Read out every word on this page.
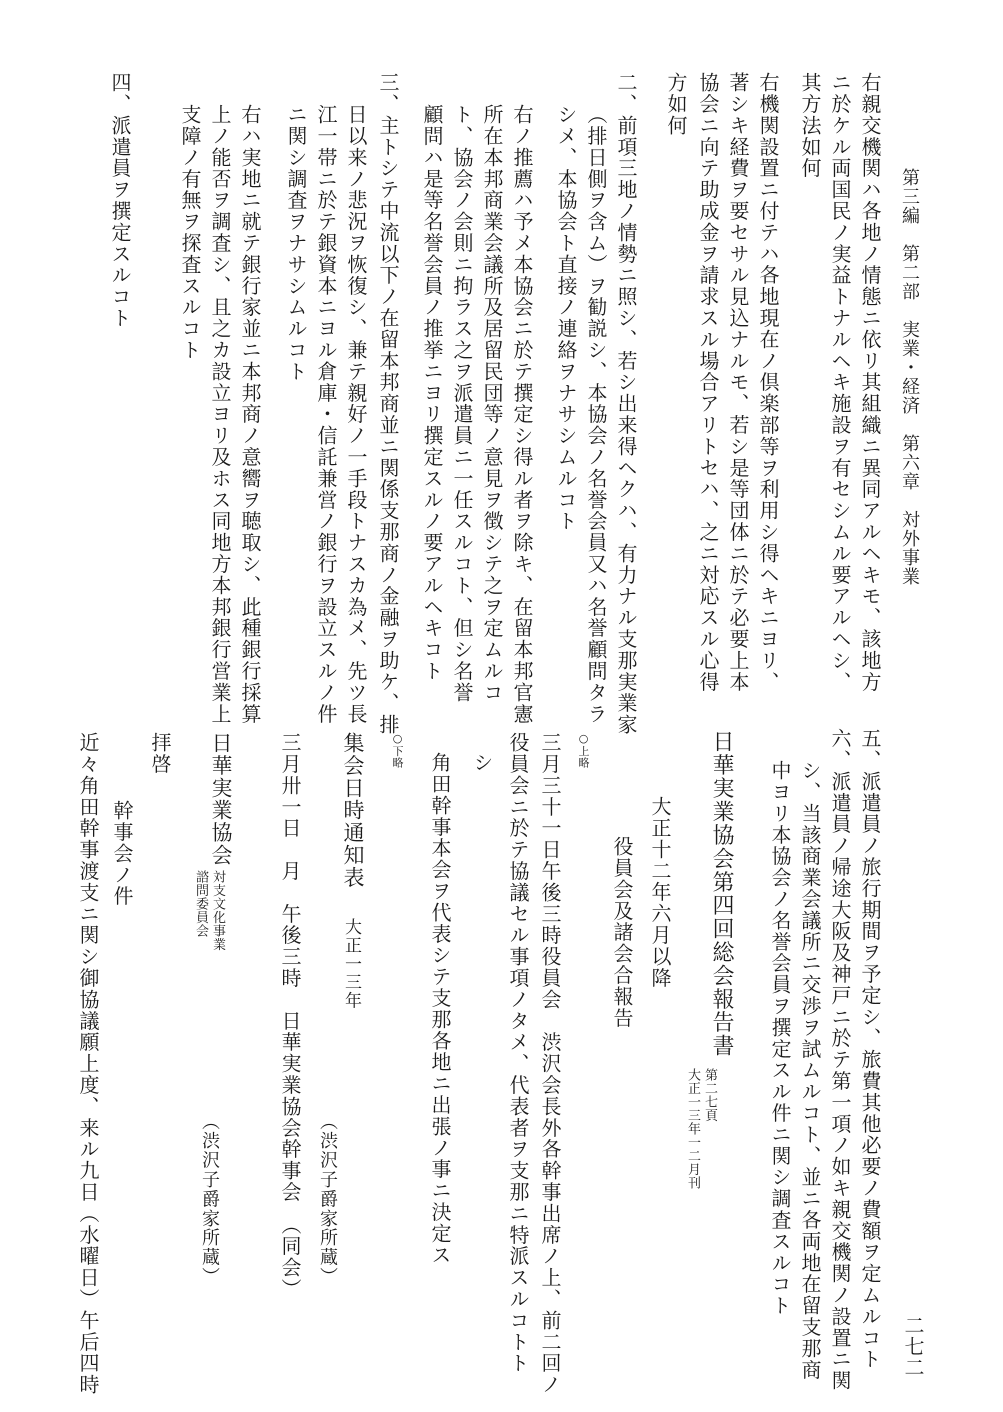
第三編　第二部　実業・経済　第六章　対外事業
二七二
右親交機関ハ各地ノ情態ニ依リ其組織ニ異同アルヘキモ、該地方
ニ於ケル両国民ノ実益トナルヘキ施設ヲ有セシムル要アルヘシ、
其方法如何
右機関設置ニ付テハ各地現在ノ倶楽部等ヲ利用シ得ヘキニヨリ、
著シキ経費ヲ要セサル見込ナルモ、若シ是等団体ニ於テ必要上本
協会ニ向テ助成金ヲ請求スル場合アリトセハ、之ニ対応スル心得
方如何
二、前項三地ノ情勢ニ照シ、若シ出来得ヘクハ、有力ナル支那実業家
（排日側ヲ含ム）ヲ勧説シ、本協会ノ名誉会員又ハ名誉顧問タラ
シメ、本協会ト直接ノ連絡ヲナサシムルコト
右ノ推薦ハ予メ本協会ニ於テ撰定シ得ル者ヲ除キ、在留本邦官憲
所在本邦商業会議所及居留民団等ノ意見ヲ徴シテ之ヲ定ムルコ
ト、協会ノ会則ニ拘ラス之ヲ派遣員ニ一任スルコト、但シ名誉
顧問ハ是等名誉会員ノ推挙ニヨリ撰定スルノ要アルヘキコト
三、主トシテ中流以下ノ在留本邦商並ニ関係支那商ノ金融ヲ助ケ、排
日以来ノ悲況ヲ恢復シ、兼テ親好ノ一手段トナスカ為メ、先ツ長
江一帯ニ於テ銀資本ニヨル倉庫・信託兼営ノ銀行ヲ設立スルノ件
ニ関シ調査ヲナサシムルコト
右ハ実地ニ就テ銀行家並ニ本邦商ノ意嚮ヲ聴取シ、此種銀行採算
上ノ能否ヲ調査シ、且之カ設立ヨリ及ホス同地方本邦銀行営業上
支障ノ有無ヲ探査スルコト
四、派遣員ヲ撰定スルコト
五、派遣員ノ旅行期間ヲ予定シ、旅費其他必要ノ費額ヲ定ムルコト
六、派遣員ノ帰途大阪及神戸ニ於テ第一項ノ如キ親交機関ノ設置ニ関
シ、当該商業会議所ニ交渉ヲ試ムルコト、並ニ各両地在留支那商
中ヨリ本協会ノ名誉会員ヲ撰定スル件ニ関シ調査スルコト
日華実業協会第四回総会報告書
第二七頁
大正一三年一二月刊
大正十二年六月以降
役員会及諸会合報告
○上略
三月三十一日午後三時役員会　渋沢会長外各幹事出席ノ上、前二回ノ
役員会ニ於テ協議セル事項ノタメ、代表者ヲ支那ニ特派スルコトト
シ
角田幹事本会ヲ代表シテ支那各地ニ出張ノ事ニ決定ス
○下略
集会日時通知表
大正一三年
（渋沢子爵家所蔵）
三月卅一日　月　午後三時　日華実業協会幹事会　（同会）
日華実業協会
対支文化事業
諮問委員会
（渋沢子爵家所蔵）
拝啓
幹事会ノ件
近々角田幹事渡支ニ関シ御協議願上度、来ル九日（水曜日）午后四時
